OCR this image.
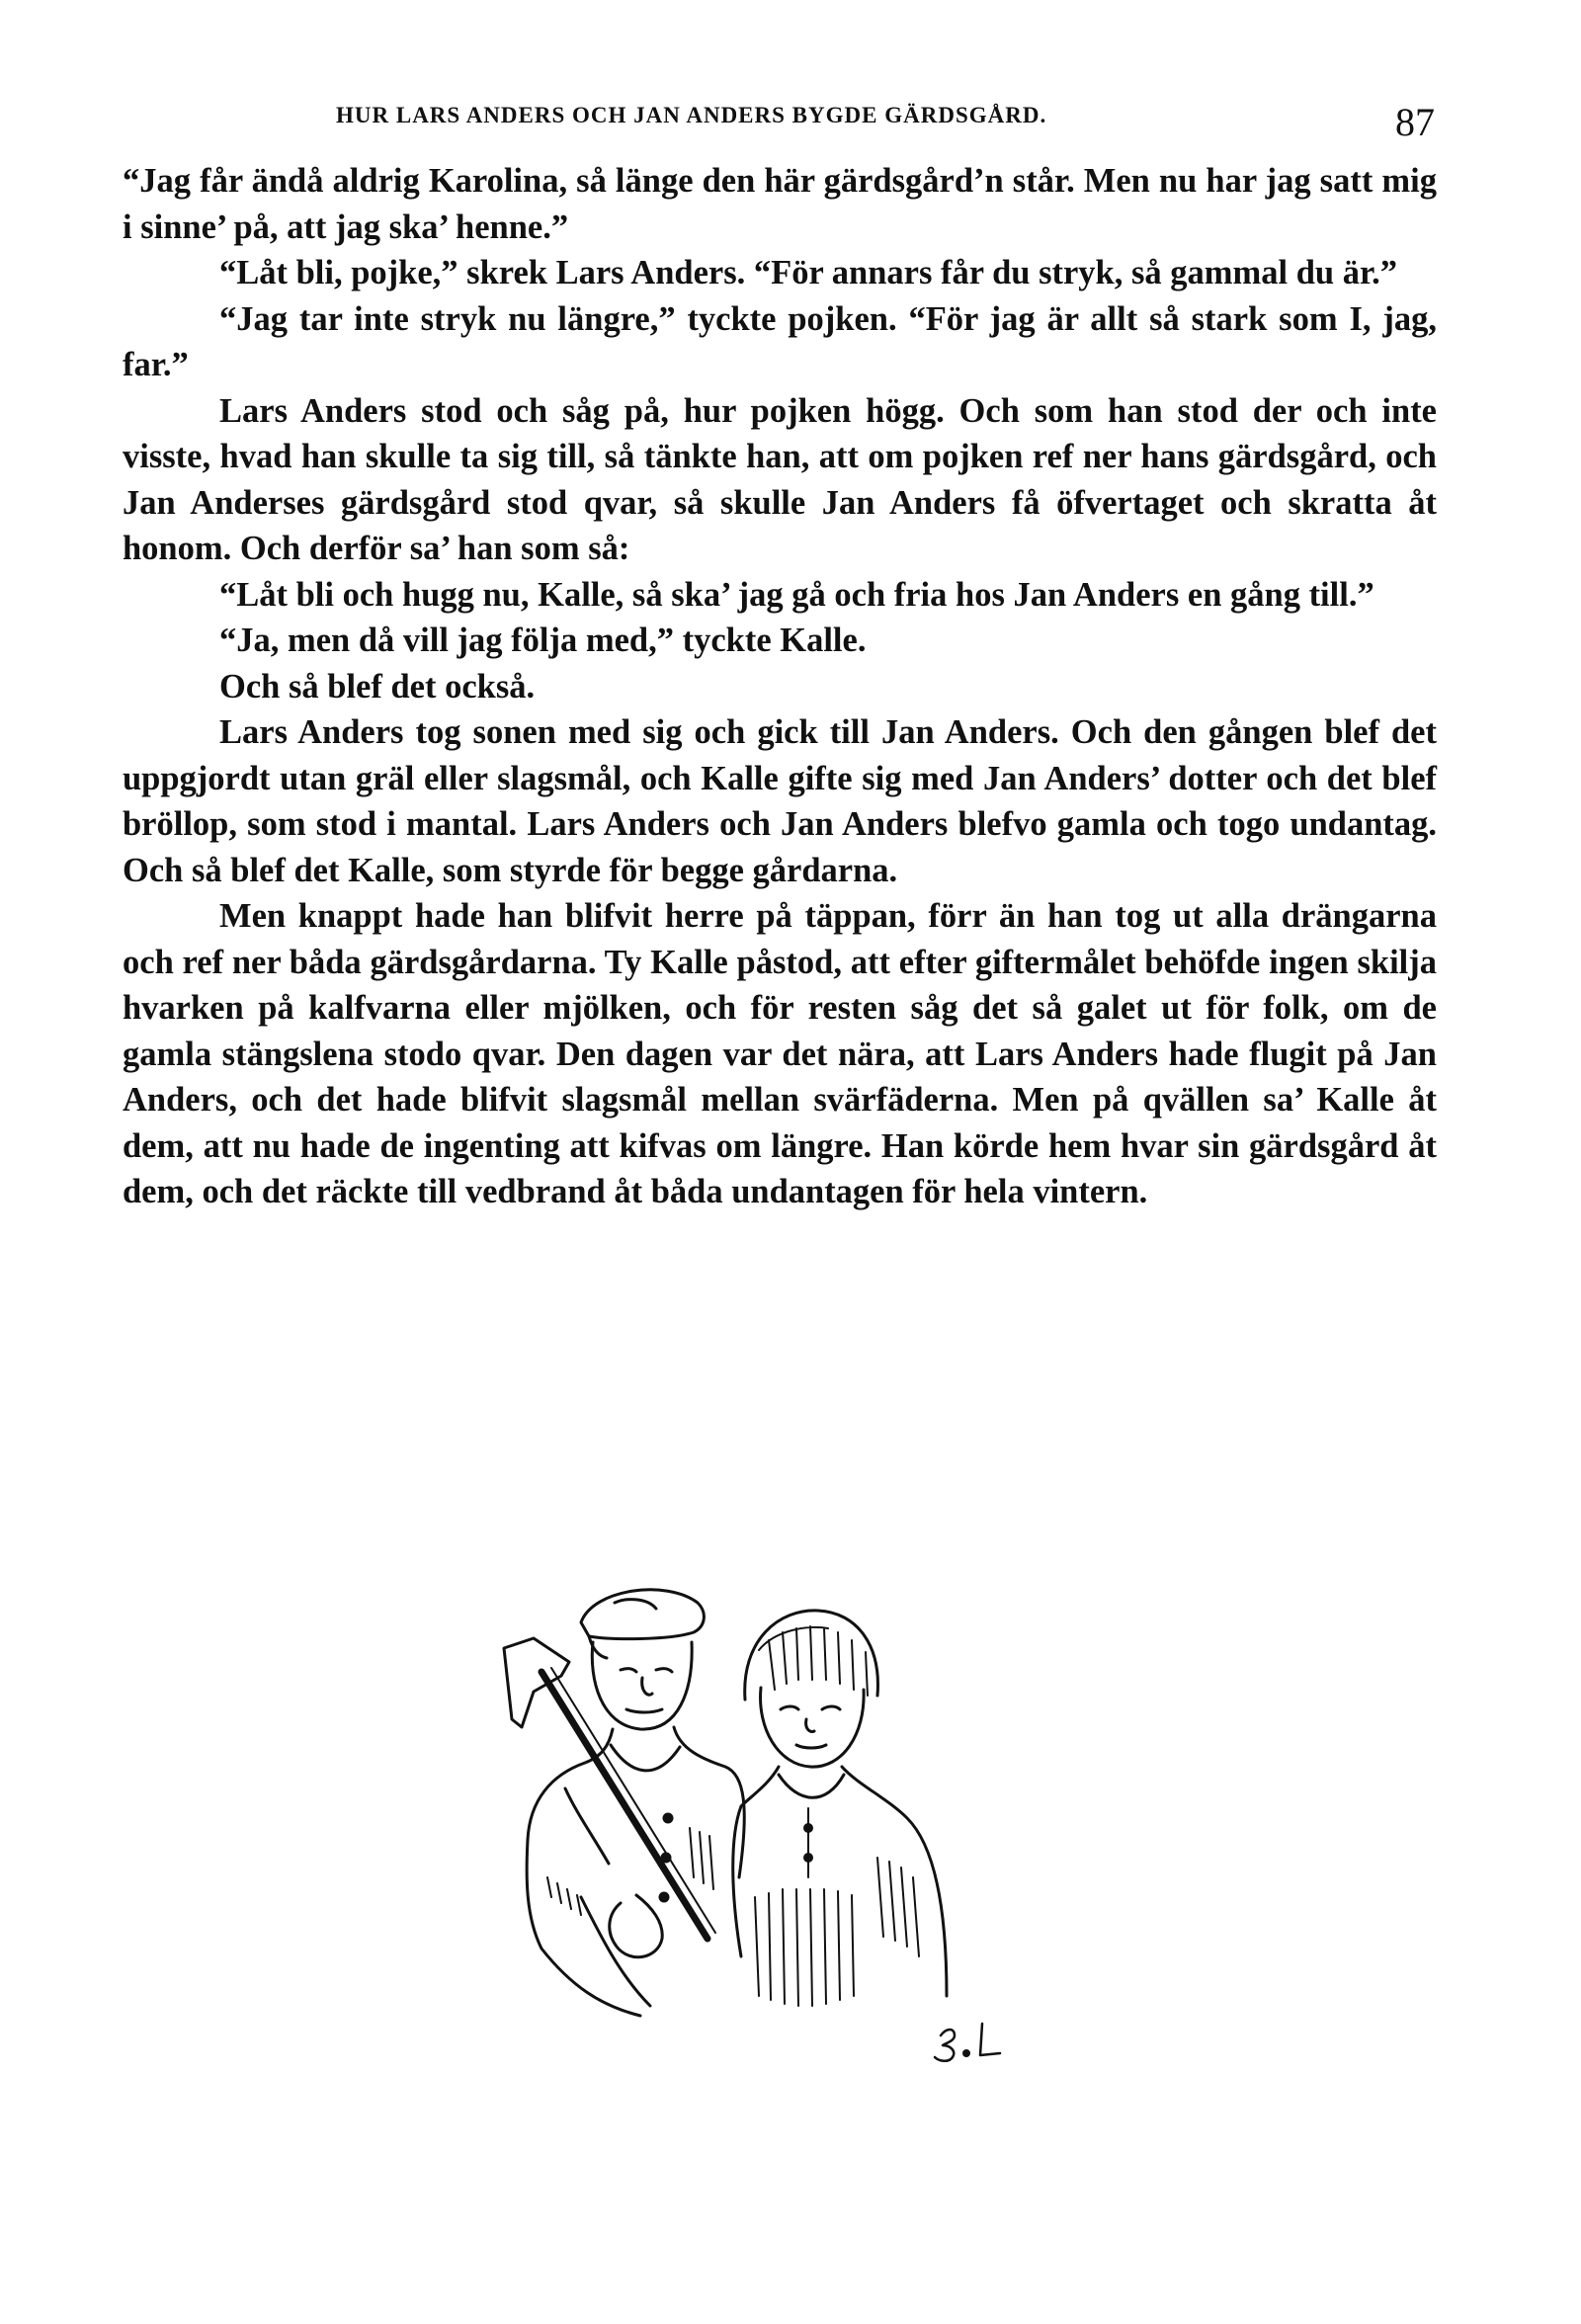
HUR LARS ANDERS OCH JAN ANDERS BYGDE GÄRDSGÅRD.	87

“Jag får ändå aldrig Karolina, så länge den här gärdsgård’n står. Men nu har jag satt mig i sinne’ på, att jag ska’ henne.”

“Låt bli, pojke,” skrek Lars Anders. “För annars får du stryk, så gammal du är.”

“Jag tar inte stryk nu längre,” tyckte pojken. “För jag är allt så stark som I, jag, far.”

Lars Anders stod och såg på, hur pojken högg. Och som han stod der och inte visste, hvad han skulle ta sig till, så tänkte han, att om pojken ref ner hans gärdsgård, och Jan Anderses gärdsgård stod qvar, så skulle Jan Anders få öfvertaget och skratta åt honom. Och derför sa’ han som så:

“Låt bli och hugg nu, Kalle, så ska’ jag gå och fria hos Jan Anders en gång till.”

“Ja, men då vill jag följa med,” tyckte Kalle.

Och så blef det också.

Lars Anders tog sonen med sig och gick till Jan Anders. Och den gången blef det uppgjordt utan gräl eller slagsmål, och Kalle gifte sig med Jan Anders’ dotter och det blef bröllop, som stod i mantal. Lars Anders och Jan Anders blefvo gamla och togo undantag. Och så blef det Kalle, som styrde för begge gårdarna.

Men knappt hade han blifvit herre på täppan, förr än han tog ut alla drängarna och ref ner båda gärdsgårdarna. Ty Kalle påstod, att efter giftermålet behöfde ingen skilja hvarken på kalfvarna eller mjölken, och för resten såg det så galet ut för folk, om de gamla stängslena stodo qvar. Den dagen var det nära, att Lars Anders hade flugit på Jan Anders, och det hade blifvit slagsmål mellan svärfäderna. Men på qvällen sa’ Kalle åt dem, att nu hade de ingenting att kifvas om längre. Han körde hem hvar sin gärdsgård åt dem, och det räckte till vedbrand åt båda undantagen för hela vintern.
